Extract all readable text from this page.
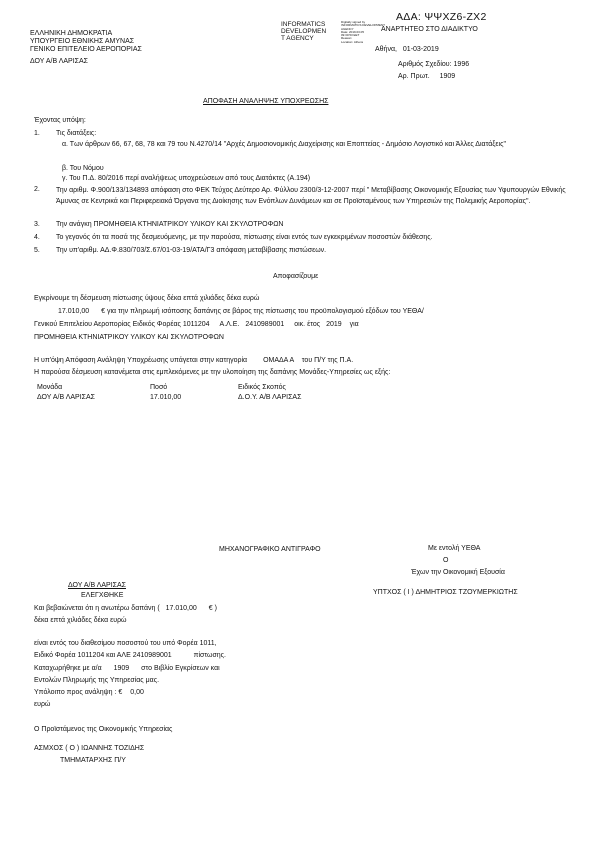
ΑΔΑ: ΨΨΧΖ6-ΖΧ2
ΕΛΛΗΝΙΚΗ ΔΗΜΟΚΡΑΤΙΑ
ΥΠΟΥΡΓΕΙΟ ΕΘΝΙΚΗΣ ΑΜΥΝΑΣ
ΓΕΝΙΚΟ ΕΠΙΤΕΛΕΙΟ ΑΕΡΟΠΟΡΙΑΣ
ΔΟΥ Α/Β ΛΑΡΙΣΑΣ
INFORMATICS
DEVELOPMEN
T AGENCY
Digitally signed by
INFORMATICS DEVELOPMENT
AGENCY
Date: 2019.03.05
09:30:53 EET
Reason:
Location: Athens
ΑΝΑΡΤΗΤΕΟ ΣΤΟ ΔΙΑΔΙΚΤΥΟ
Αθήνα, 01-03-2019
Αριθμός Σχεδίου: 1996
Αρ. Πρωτ. 1909
ΑΠΟΦΑΣΗ ΑΝΑΛΗΨΗΣ ΥΠΟΧΡΕΩΣΗΣ
Έχοντας υπόψη:
1. Τις διατάξεις:
α. Των άρθρων 66, 67, 68, 78 και 79 του Ν.4270/14 "Αρχές Δημοσιονομικής Διαχείρισης και Εποπτείας - Δημόσιο Λογιστικό και Άλλες Διατάξεις"
β. Του Νόμου
γ. Του Π.Δ. 80/2016 περί αναλήψεως υποχρεώσεων από τους Διατάκτες (Α.194)
2. Την αριθμ. Φ.900/133/134893 απόφαση στο ΦΕΚ Τεύχος Δεύτερο Αρ. Φύλλου 2300/3-12-2007 περί " Μεταβίβασης Οικονομικής Εξουσίας των Υφυπουργών Εθνικής Άμυνας σε Κεντρικά και Περιφερειακά Όργανα της Διοίκησης των Ενόπλων Δυνάμεων και σε Προϊσταμένους των Υπηρεσιών της Πολεμικής Αεροπορίας".
3. Την ανάγκη ΠΡΟΜΗΘΕΙΑ ΚΤΗΝΙΑΤΡΙΚΟΥ ΥΛΙΚΟΥ ΚΑΙ ΣΚΥΛΟΤΡΟΦΩΝ
4. Το γεγονός ότι τα ποσά της δεσμευόμενης, με την παρούσα, πίστωσης είναι εντός των εγκεκριμένων ποσοστών διάθεσης.
5. Την υπ'αριθμ. ΑΔ.Φ.830/703/Σ.67/01-03-19/ΑΤΑ/Γ3 απόφαση μεταβίβασης πιστώσεων.
Αποφασίζουμε
Εγκρίνουμε τη δέσμευση πίστωσης ύψους δέκα επτά χιλιάδες δέκα ευρώ
17.010,00 € για την πληρωμή ισόποσης δαπάνης σε βάρος της πίστωσης του προϋπολογισμού εξόδων του ΥΕΘΑ/
Γενικού Επιτελείου Αεροπορίας Ειδικός Φορέας 1011204 Α.Λ.Ε. 2410989001 οικ. έτος 2019 για
ΠΡΟΜΗΘΕΙΑ ΚΤΗΝΙΑΤΡΙΚΟΥ ΥΛΙΚΟΥ ΚΑΙ ΣΚΥΛΟΤΡΟΦΩΝ
Η υπ'όψη Απόφαση Ανάληψη Υποχρέωσης υπάγεται στην κατηγορία ΟΜΑΔΑ Α του Π/Υ της Π.Α.
Η παρούσα δέσμευση κατανέμεται στις εμπλεκόμενες με την υλοποίηση της δαπάνης Μονάδες-Υπηρεσίες ως εξής:
Μονάδα	Ποσό	Ειδικός Σκοπός
ΔΟΥ Α/Β ΛΑΡΙΣΑΣ	17.010,00	Δ.Ο.Υ. Α/Β ΛΑΡΙΣΑΣ
ΜΗΧΑΝΟΓΡΑΦΙΚΟ ΑΝΤΙΓΡΑΦΟ	Με εντολή ΥΕΘΑ
Ο
Έχων την Οικονομική Εξουσία
ΥΠΤΧΟΣ ( Ι ) ΔΗΜΗΤΡΙΟΣ ΤΖΟΥΜΕΡΚΙΩΤΗΣ
ΔΟΥ Α/Β ΛΑΡΙΣΑΣ
ΕΛΕΓΧΘΗΚΕ
Και βεβαιώνεται ότι η ανωτέρω δαπάνη ( 17.010,00 € )
δέκα επτά χιλιάδες δέκα ευρώ
είναι εντός του διαθεσίμου ποσοστού του υπό Φορέα 1011,
Ειδικό Φορέα 1011204 και ΑΛΕ 2410989001	πίστωσης.
Καταχωρήθηκε με α/α 1909 στο Βιβλίο Εγκρίσεων και
Εντολών Πληρωμής της Υπηρεσίας μας.
Υπόλοιπο προς ανάληψη : € 0,00
ευρώ
Ο Προϊστάμενος της Οικονομικής Υπηρεσίας
ΑΣΜΧΟΣ ( Ο ) ΙΩΑΝΝΗΣ ΤΟΖΙΔΗΣ
ΤΜΗΜΑΤΑΡΧΗΣ Π/Υ
